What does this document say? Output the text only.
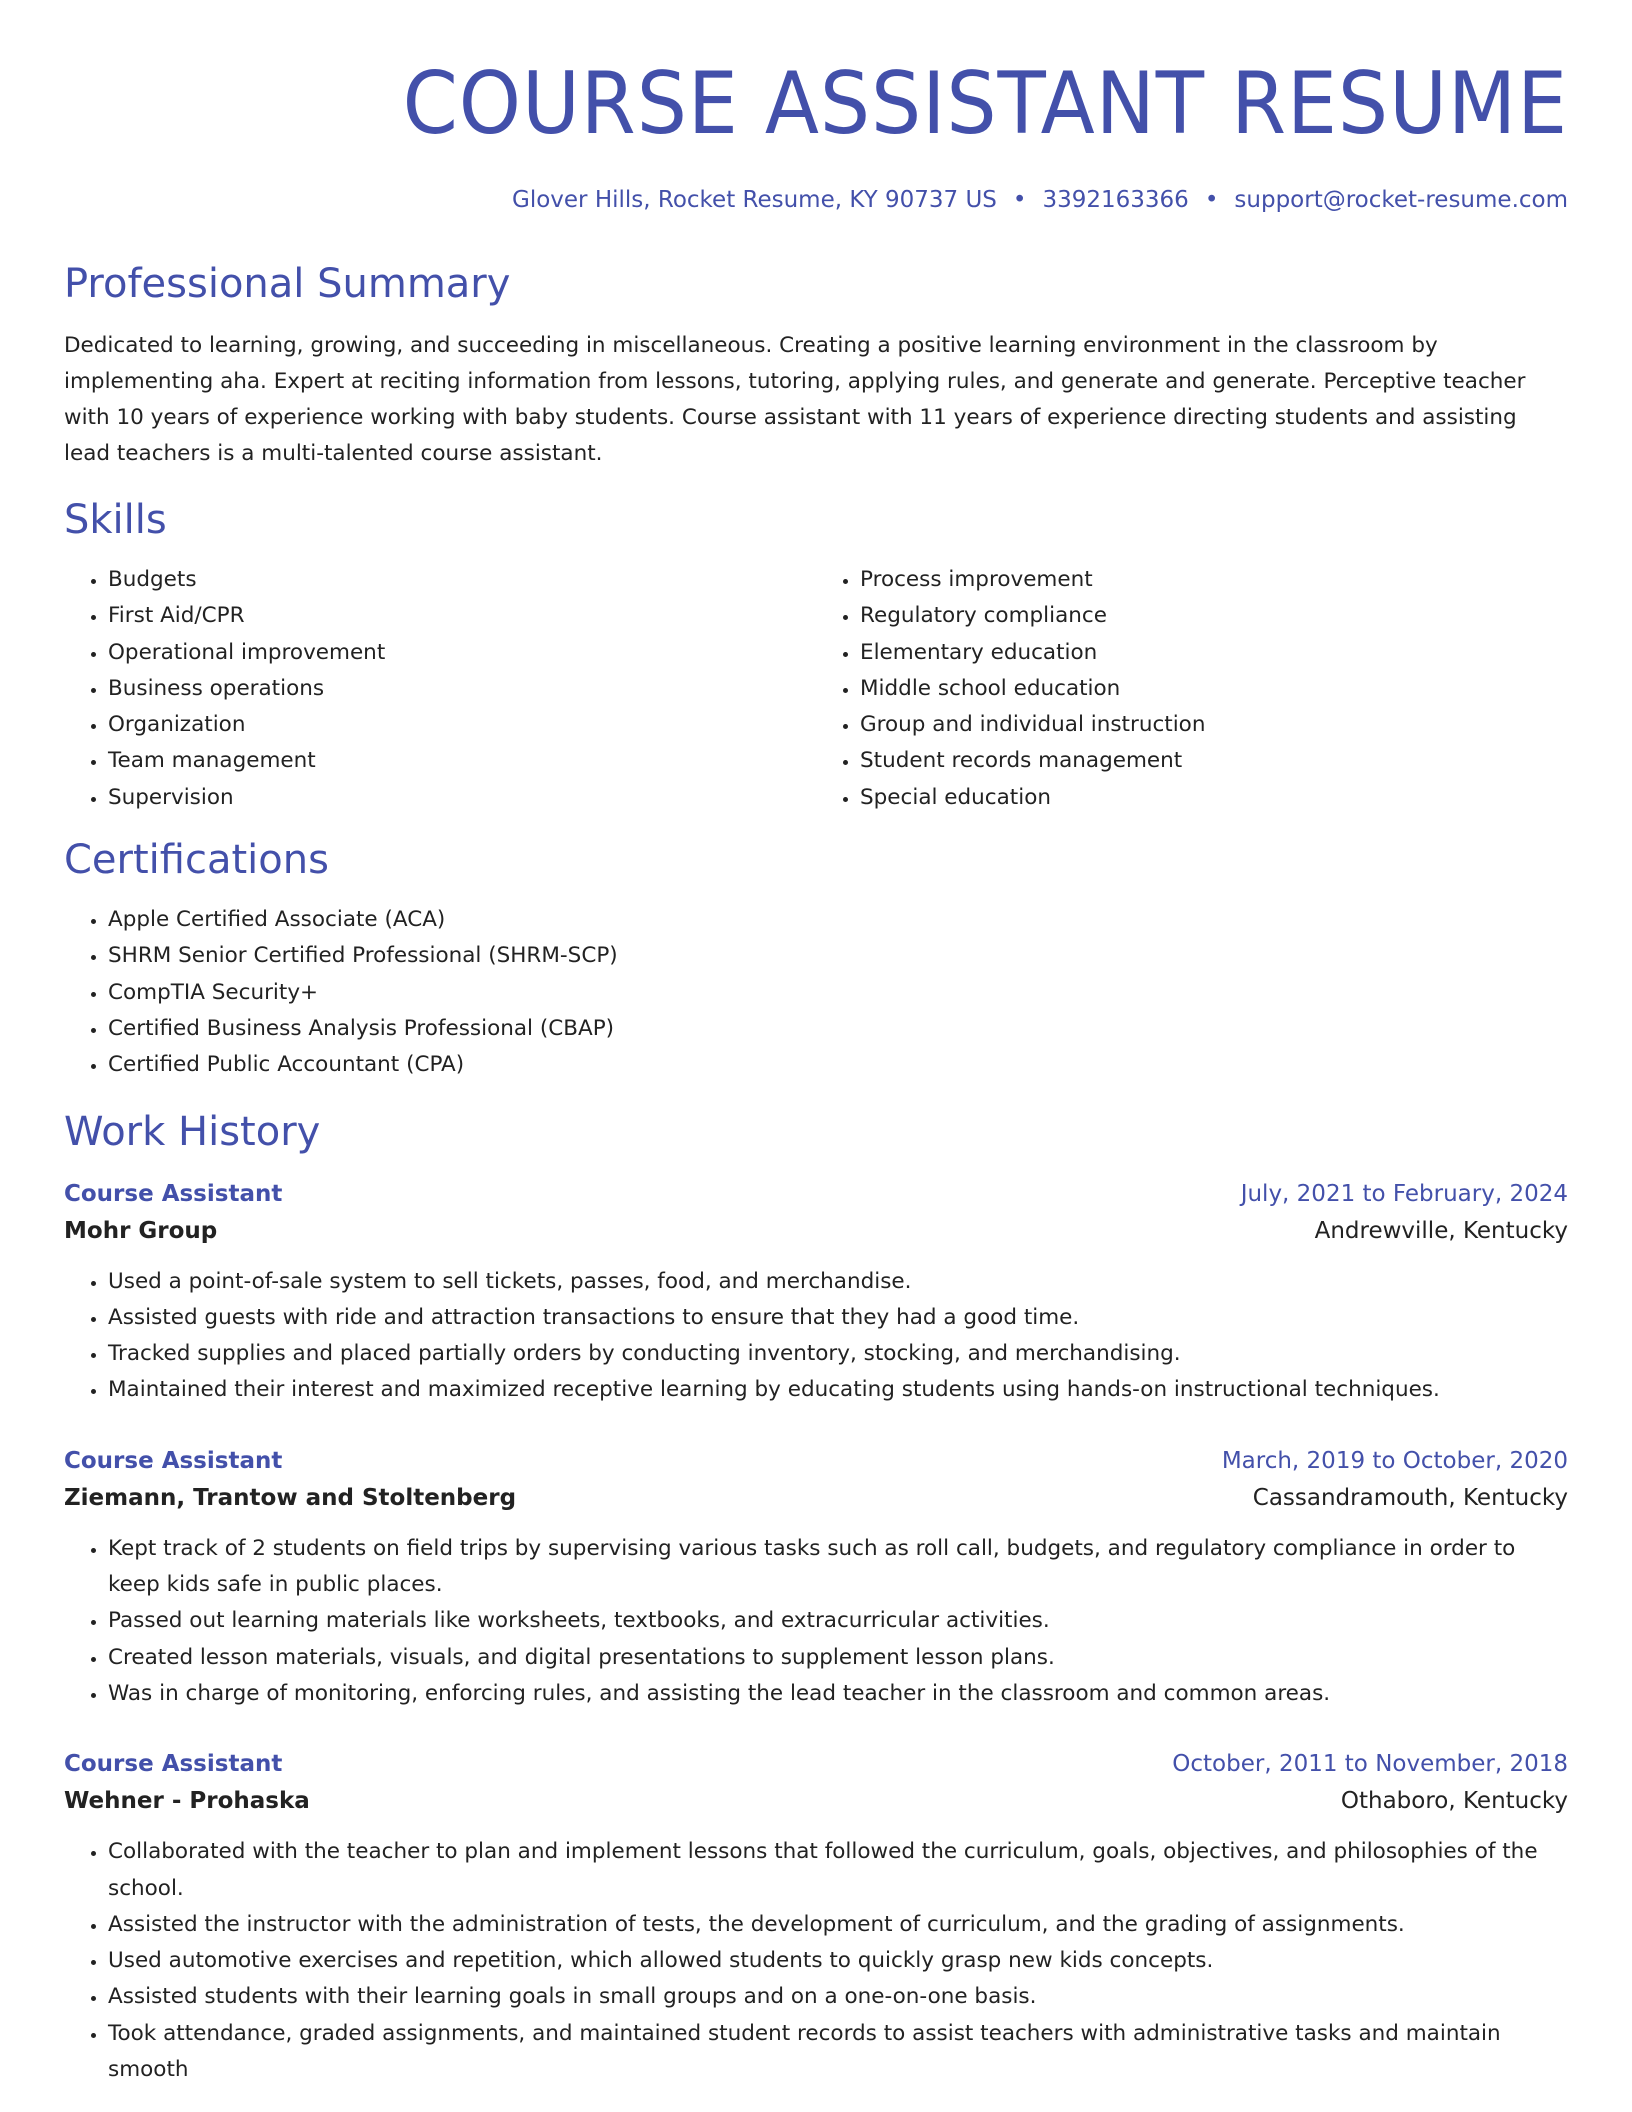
COURSE ASSISTANT RESUME
Glover Hills, Rocket Resume, KY 90737 US • 3392163366 • support@rocket-resume.com
Professional Summary
Dedicated to learning, growing, and succeeding in miscellaneous. Creating a positive learning environment in the classroom by implementing aha. Expert at reciting information from lessons, tutoring, applying rules, and generate and generate. Perceptive teacher with 10 years of experience working with baby students. Course assistant with 11 years of experience directing students and assisting lead teachers is a multi-talented course assistant.
Skills
• Budgets
• First Aid/CPR
• Operational improvement
• Business operations
• Organization
• Team management
• Supervision
• Process improvement
• Regulatory compliance
• Elementary education
• Middle school education
• Group and individual instruction
• Student records management
• Special education
Certifications
• Apple Certified Associate (ACA)
• SHRM Senior Certified Professional (SHRM-SCP)
• CompTIA Security+
• Certified Business Analysis Professional (CBAP)
• Certified Public Accountant (CPA)
Work History
Course Assistant	July, 2021 to February, 2024
Mohr Group	Andrewville, Kentucky
• Used a point-of-sale system to sell tickets, passes, food, and merchandise.
• Assisted guests with ride and attraction transactions to ensure that they had a good time.
• Tracked supplies and placed partially orders by conducting inventory, stocking, and merchandising.
• Maintained their interest and maximized receptive learning by educating students using hands-on instructional techniques.
Course Assistant	March, 2019 to October, 2020
Ziemann, Trantow and Stoltenberg	Cassandramouth, Kentucky
• Kept track of 2 students on field trips by supervising various tasks such as roll call, budgets, and regulatory compliance in order to keep kids safe in public places.
• Passed out learning materials like worksheets, textbooks, and extracurricular activities.
• Created lesson materials, visuals, and digital presentations to supplement lesson plans.
• Was in charge of monitoring, enforcing rules, and assisting the lead teacher in the classroom and common areas.
Course Assistant	October, 2011 to November, 2018
Wehner - Prohaska	Othaboro, Kentucky
• Collaborated with the teacher to plan and implement lessons that followed the curriculum, goals, objectives, and philosophies of the school.
• Assisted the instructor with the administration of tests, the development of curriculum, and the grading of assignments.
• Used automotive exercises and repetition, which allowed students to quickly grasp new kids concepts.
• Assisted students with their learning goals in small groups and on a one-on-one basis.
• Took attendance, graded assignments, and maintained student records to assist teachers with administrative tasks and maintain smooth
